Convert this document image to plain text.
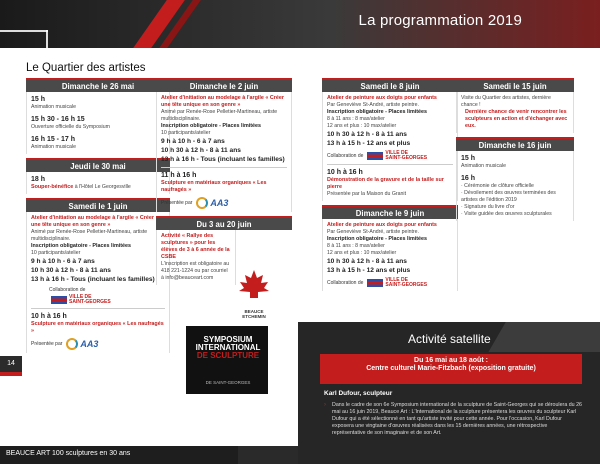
La programmation 2019
Le Quartier des artistes
Dimanche le 26 mai
15 h
Animation musicale
15 h 30 - 16 h 15
Ouverture officielle du Symposium
16 h 15 - 17 h
Animation musicale
Jeudi le 30 mai
18 h
Souper-bénéfice à l'Hôtel Le Georgesville
Samedi le 1 juin
Atelier d'initiation au modelage à l'argile « Créer une tête unique en son genre »
Animé par Renée-Rose Pelletier-Martineau, artiste multidisciplinaire.
Inscription obligatoire - Places limitées
10 participants/atelier
9 h à 10 h - 6 à 7 ans
10 h 30 à 12 h - 8 à 11 ans
13 h à 16 h - Tous (incluant les familles)
Collaboration de
VILLE DE
SAINT-GEORGES
10 h à 16 h
Sculpture en matériaux organiques « Les naufragés »
Présentée par AA3
Dimanche le 2 juin
Atelier d'initiation au modelage à l'argile « Créer une tête unique en son genre »
Animé par Renée-Rose Pelletier-Martineau, artiste multidisciplinaire.
Inscription obligatoire - Places limitées
10 participants/atelier
9 h à 10 h - 6 à 7 ans
10 h 30 à 12 h - 8 à 11 ans
13 h à 16 h - Tous (incluant les familles)
11 h à 16 h
Sculpture en matériaux organiques « Les naufragés »
Présentée par AA3
Du 3 au 20 juin
Activité « Rallye des sculptures » pour les élèves de 3 à 6 année de la CSBE
L'inscription est obligatoire au 418 221-1224 ou par courriel à info@beauceart.com
BEAUCE ETCHEMIN
Samedi le 8 juin
Atelier de peinture aux doigts pour enfants
Par Geneviève St-André, artiste peintre.
Inscription obligatoire - Places limitées
8 à 11 ans : 8 max/atelier
12 ans et plus : 10 max/atelier
10 h 30 à 12 h - 8 à 11 ans
13 h à 15 h - 12 ans et plus
Collaboration de	VILLE DE
SAINT-GEORGES
10 h à 16 h
Démonstration de la gravure et de la taille sur pierre
Présentée par la Maison du Granit
Dimanche le 9 juin
Atelier de peinture aux doigts pour enfants
Par Geneviève St-André, artiste peintre.
Inscription obligatoire - Places limitées
8 à 11 ans : 8 max/atelier
12 ans et plus : 10 max/atelier
10 h 30 à 12 h - 8 à 11 ans
13 h à 15 h - 12 ans et plus
Collaboration de	VILLE DE
SAINT-GEORGES
Samedi le 15 juin
Visite du Quartier des artistes, dernière chance !
Dernière chance de venir rencontrer les sculpteurs en action et d'échanger avec eux.
Dimanche le 16 juin
15 h
Animation musicale
16 h
· Cérémonie de clôture officielle
· Dévoilement des œuvres terminées des artistes de l'édition 2019
· Signature du livre d'or
· Visite guidée des œuvres sculpturales
SYMPOSIUM
INTERNATIONAL
DE SCULPTURE
DE SAINT-GEORGES
Activité satellite
Du 16 mai au 18 août :
Centre culturel Marie-Fitzbach (exposition gratuite)
Karl Dufour, sculpteur
› Dans le cadre de son 6e Symposium international de la sculpture de Saint-Georges qui se déroulera du 26 mai au 16 juin 2019, Beauce Art : L'International de la sculpture présentera les œuvres du sculpteur Karl Dufour qui a été sélectionné en tant qu'artiste invité pour cette année. Pour l'occasion, Karl Dufour exposera une vingtaine d'œuvres réalisées dans les 15 dernières années, une rétrospective représentative de son imaginaire et de son Art.
14
BEAUCE ART 100 sculptures en 30 ans
